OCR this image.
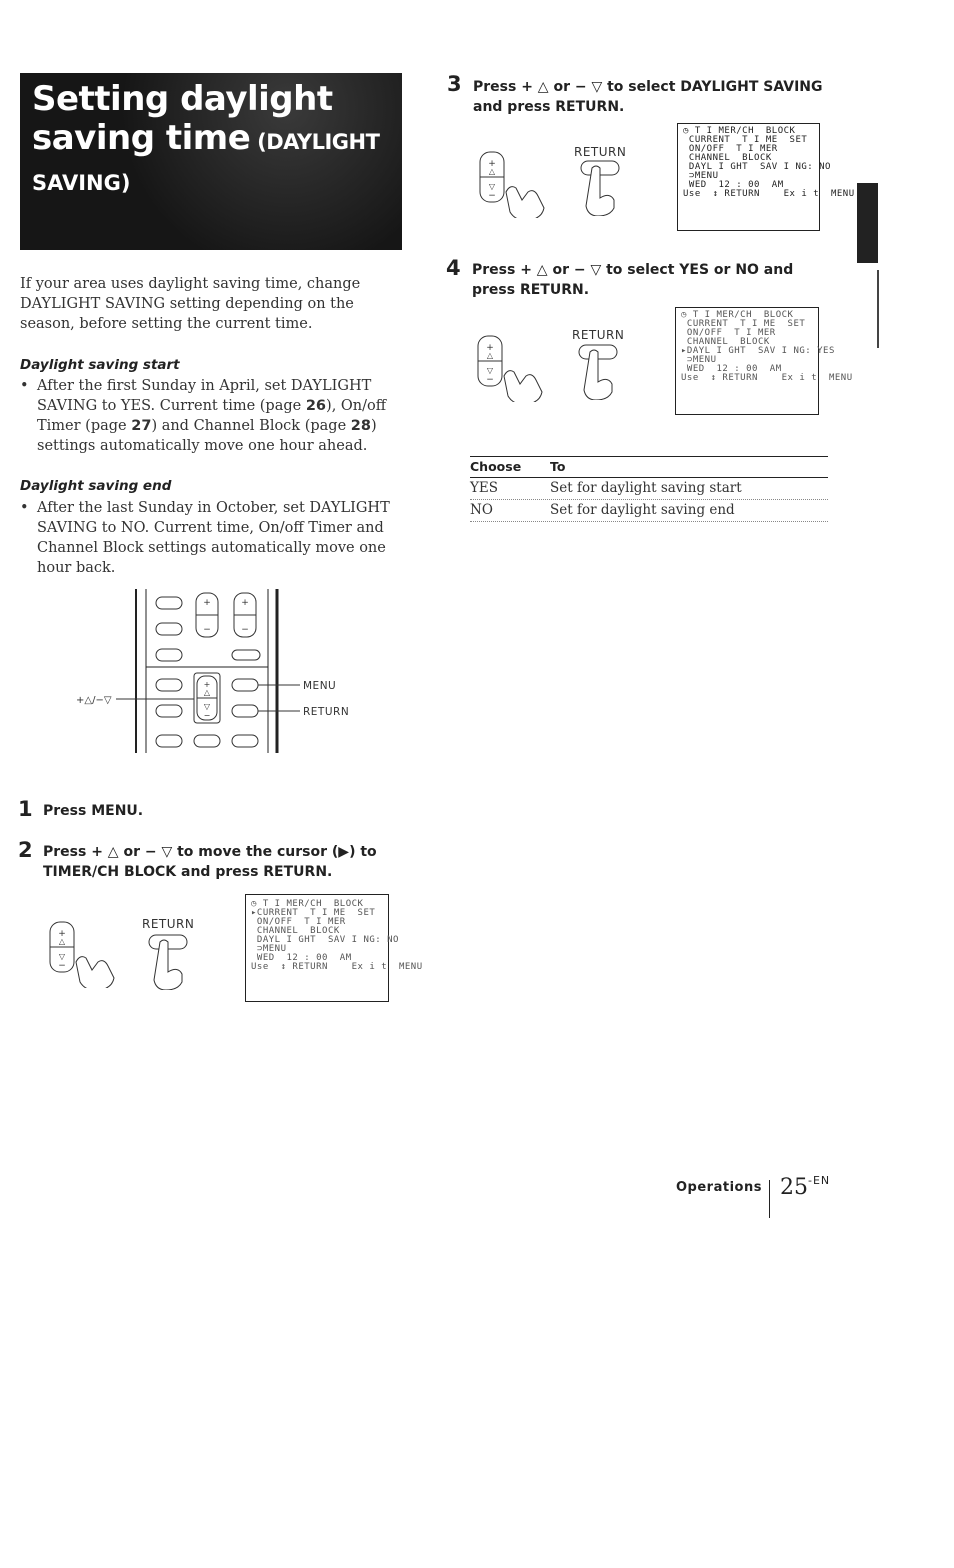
Setting daylight
saving time (DAYLIGHT
SAVING)
If your area uses daylight saving time, change DAYLIGHT SAVING setting depending on the season, before setting the current time.
Daylight saving start
• After the first Sunday in April, set DAYLIGHT SAVING to YES. Current time (page 26), On/off Timer (page 27) and Channel Block (page 28) settings automatically move one hour ahead.
Daylight saving end
• After the last Sunday in October, set DAYLIGHT SAVING to NO. Current time, On/off Timer and Channel Block settings automatically move one hour back.
+	+
−	−
+
△
▽
−
+△/−▽
MENU
RETURN
1 Press MENU.
2 Press + △ or − ▽ to move the cursor (▶) to TIMER/CH BLOCK and press RETURN.
+
△
▽
−
RETURN
◷ T I MER/CH  BLOCK
▸CURRENT  T I ME  SET
ON/OFF  T I MER
CHANNEL  BLOCK
DAYL I GHT  SAV I NG: NO
⊃MENU
WED  12 : 00  AM
Use  ↕ RETURN    Ex i t  MENU
3 Press + △ or − ▽ to select DAYLIGHT SAVING and press RETURN.
+
△
▽
−
RETURN
◷ T I MER/CH  BLOCK
CURRENT  T I ME  SET
ON/OFF  T I MER
CHANNEL  BLOCK
DAYL I GHT  SAV I NG: NO
⊃MENU
WED  12 : 00  AM
Use  ↕ RETURN    Ex i t  MENU
4 Press + △ or − ▽ to select YES or NO and press RETURN.
+
△
▽
−
RETURN
◷ T I MER/CH  BLOCK
CURRENT  T I ME  SET
ON/OFF  T I MER
CHANNEL  BLOCK
▸DAYL I GHT  SAV I NG: YES
⊃MENU
WED  12 : 00  AM
Use  ↕ RETURN    Ex i t  MENU
Choose To
YES	Set for daylight saving start
NO	Set for daylight saving end
Operations $25^{-EN}$
